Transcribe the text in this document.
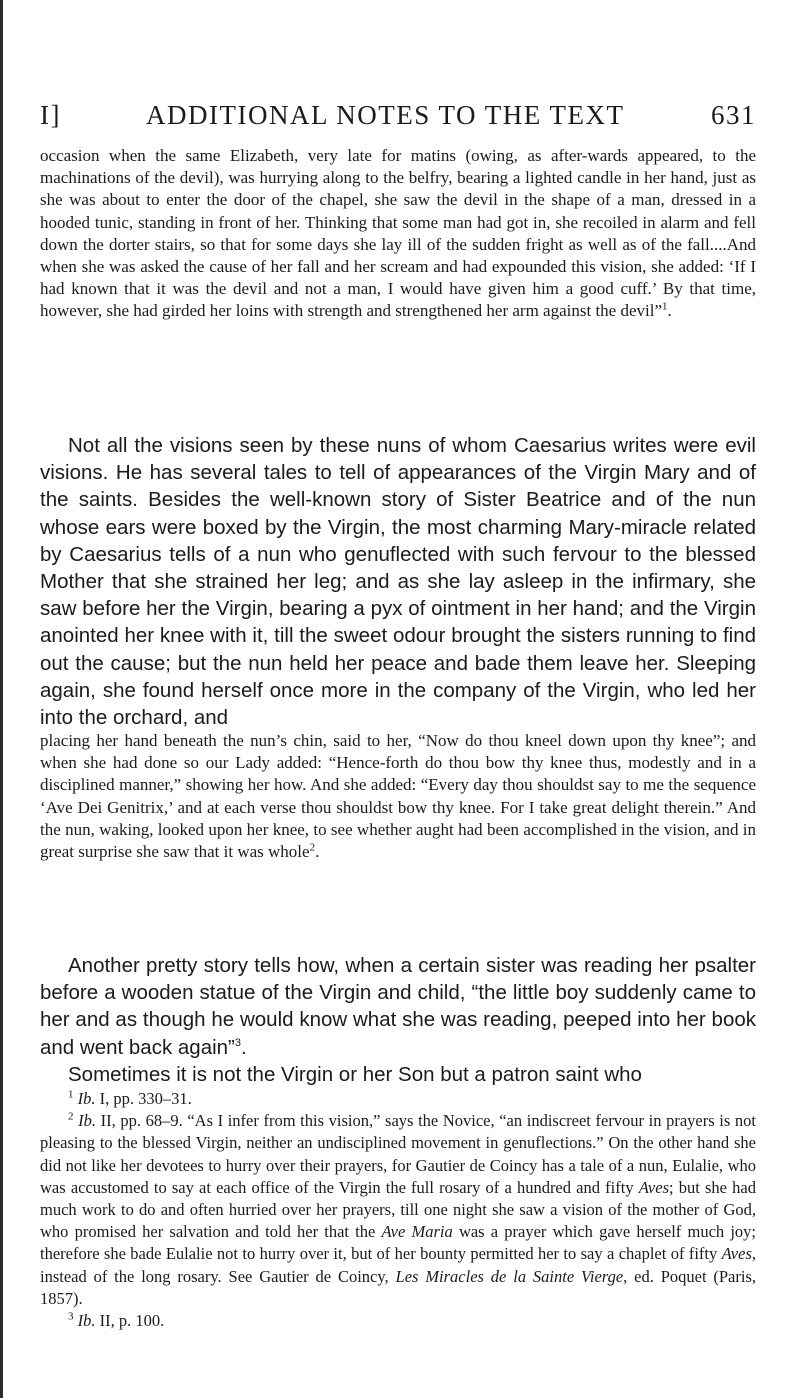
I]	ADDITIONAL NOTES TO THE TEXT	631

occasion when the same Elizabeth, very late for matins (owing, as after-wards appeared, to the machinations of the devil), was hurrying along to the belfry, bearing a lighted candle in her hand, just as she was about to enter the door of the chapel, she saw the devil in the shape of a man, dressed in a hooded tunic, standing in front of her. Thinking that some man had got in, she recoiled in alarm and fell down the dorter stairs, so that for some days she lay ill of the sudden fright as well as of the fall....And when she was asked the cause of her fall and her scream and had expounded this vision, she added: ‘If I had known that it was the devil and not a man, I would have given him a good cuff.’ By that time, however, she had girded her loins with strength and strengthened her arm against the devil”$^1$.

Not all the visions seen by these nuns of whom Caesarius writes were evil visions. He has several tales to tell of appearances of the Virgin Mary and of the saints. Besides the well-known story of Sister Beatrice and of the nun whose ears were boxed by the Virgin, the most charming Mary-miracle related by Caesarius tells of a nun who genuflected with such fervour to the blessed Mother that she strained her leg; and as she lay asleep in the infirmary, she saw before her the Virgin, bearing a pyx of ointment in her hand; and the Virgin anointed her knee with it, till the sweet odour brought the sisters running to find out the cause; but the nun held her peace and bade them leave her. Sleeping again, she found herself once more in the company of the Virgin, who led her into the orchard, and

placing her hand beneath the nun’s chin, said to her, “Now do thou kneel down upon thy knee”; and when she had done so our Lady added: “Hence-forth do thou bow thy knee thus, modestly and in a disciplined manner,” showing her how. And she added: “Every day thou shouldst say to me the sequence ‘Ave Dei Genitrix,’ and at each verse thou shouldst bow thy knee. For I take great delight therein.” And the nun, waking, looked upon her knee, to see whether aught had been accomplished in the vision, and in great surprise she saw that it was whole$^2$.

Another pretty story tells how, when a certain sister was reading her psalter before a wooden statue of the Virgin and child, “the little boy suddenly came to her and as though he would know what she was reading, peeped into her book and went back again”$^3$.

Sometimes it is not the Virgin or her Son but a patron saint who

$^1$ Ib. I, pp. 330–31.

$^2$ Ib. II, pp. 68–9. “As I infer from this vision,” says the Novice, “an indiscreet fervour in prayers is not pleasing to the blessed Virgin, neither an undisciplined movement in genuflections.” On the other hand she did not like her devotees to hurry over their prayers, for Gautier de Coincy has a tale of a nun, Eulalie, who was accustomed to say at each office of the Virgin the full rosary of a hundred and fifty Aves; but she had much work to do and often hurried over her prayers, till one night she saw a vision of the mother of God, who promised her salvation and told her that the Ave Maria was a prayer which gave herself much joy; therefore she bade Eulalie not to hurry over it, but of her bounty permitted her to say a chaplet of fifty Aves, instead of the long rosary. See Gautier de Coincy, Les Miracles de la Sainte Vierge, ed. Poquet (Paris, 1857).

$^3$ Ib. II, p. 100.
